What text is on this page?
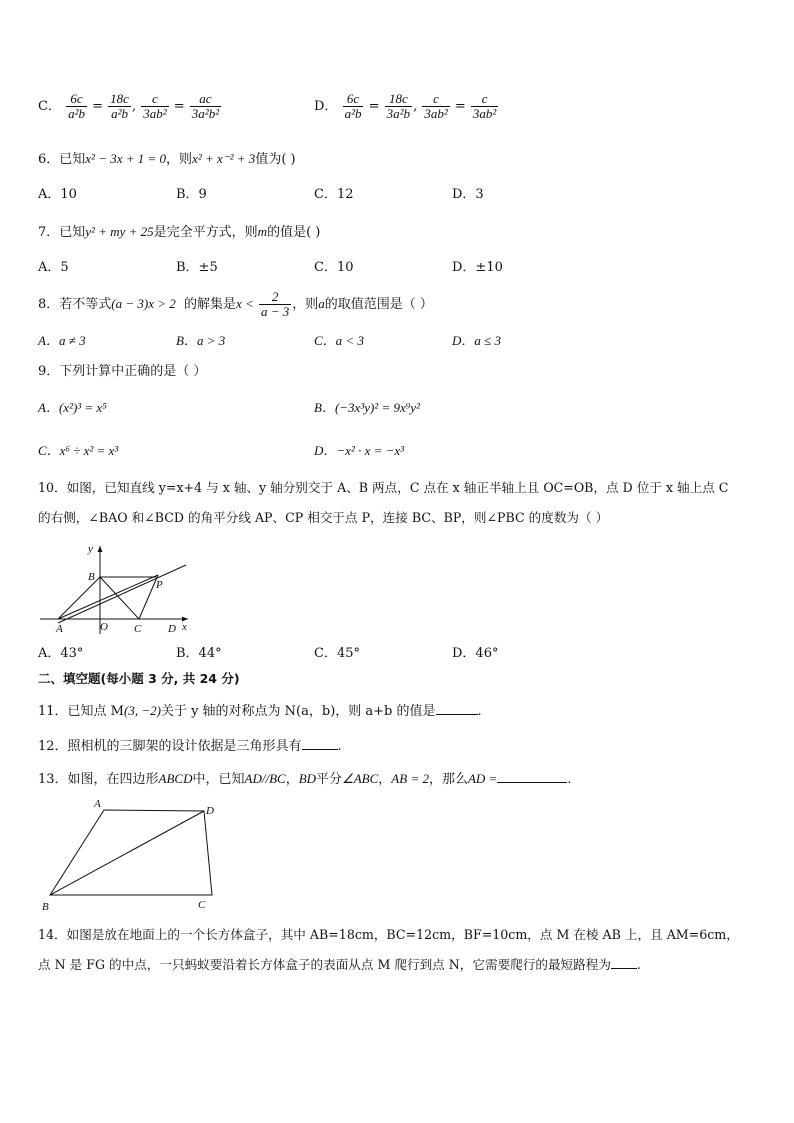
C． $\frac{6c}{\text{a²b}} = \frac{18c}{\text{a²b}}$ , $\frac{c}{\text{3ab²}} = \frac{ac}{\text{3a²b²}}$	D． $\frac{6c}{\text{a²b}} = \frac{18c}{\text{3a²b}}$ , $\frac{c}{\text{3ab²}} = \frac{c}{\text{3ab²}}$
6．已知x² − 3x + 1 = 0，则x² + x⁻² + 3值为( )
A．10	B．9	C．12	D．3
7．已知y² + my + 25是完全平方式，则m的值是( )
A．5	B．±5	C．10	D．±10
8．若不等式(a − 3)x > 2 的解集是$x < \frac{2}{a - 3}$ ，则a的取值范围是（ ）
A．a ≠ 3	B．a > 3	C．a < 3	D．a ≤ 3
9．下列计算中正确的是（ ）
A．(x²)³ = x⁵	B．(−3x³y)² = 9x⁹y²
C．x⁶ ÷ x² = x³	D．−x² · x = −x³
10．如图，已知直线 y=x+4 与 x 轴、y 轴分别交于 A、B 两点，C 点在 x 轴正半轴上且 OC=OB，点 D 位于 x 轴上点 C
的右侧，∠BAO 和∠BCD 的角平分线 AP、CP 相交于点 P，连接 BC、BP，则∠PBC 的度数为（ ）
y
x
B
P
A	O C D
A．43°	B．44°	C．45°	D．46°
二、填空题(每小题 3 分, 共 24 分)
11．已知点 M(3, −2)关于 y 轴的对称点为 N(a，b)，则 a+b 的值是	.
12．照相机的三脚架的设计依据是三角形具有	.
13．如图，在四边形ABCD中，已知AD//BC，BD平分∠ABC，AB = 2，那么AD =	.
A
D
B	C
14．如图是放在地面上的一个长方体盒子，其中 AB=18cm，BC=12cm，BF=10cm，点 M 在棱 AB 上，且 AM=6cm，
点 N 是 FG 的中点，一只蚂蚁要沿着长方体盒子的表面从点 M 爬行到点 N，它需要爬行的最短路程为 .
